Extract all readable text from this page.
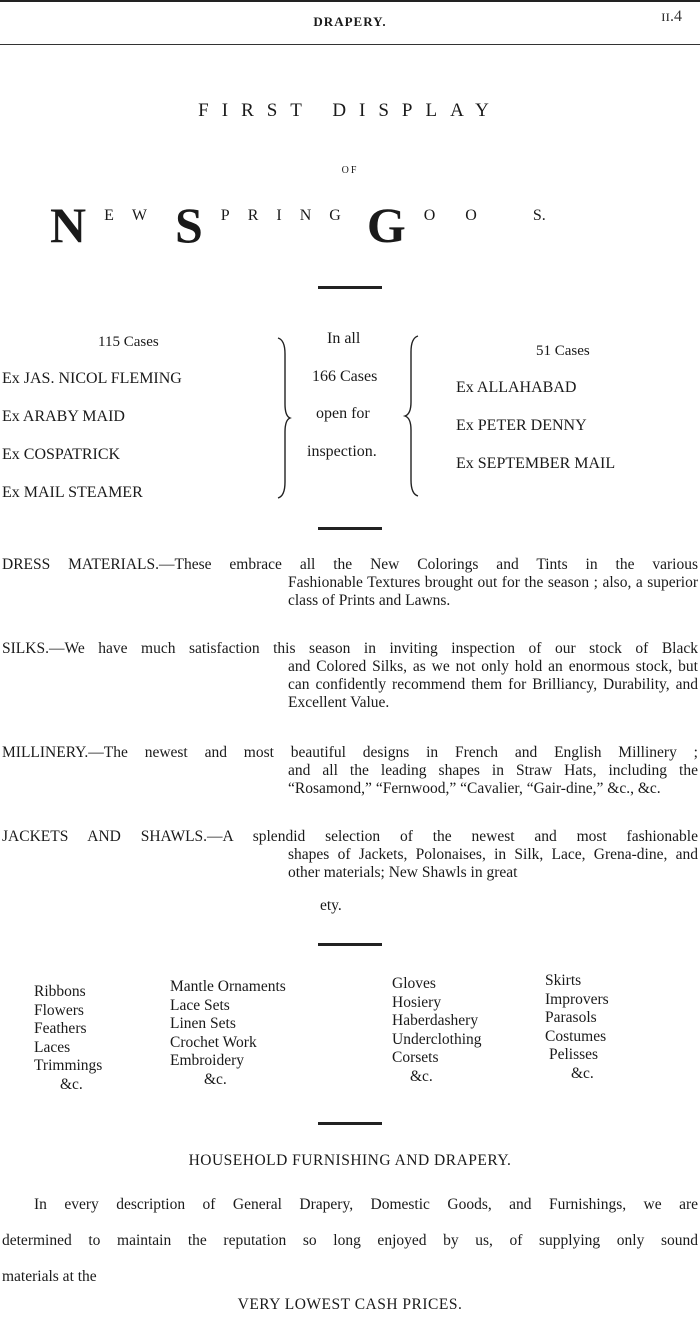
DRAPERY.	ɪɪ.4
FIRST DISPLAY
OF
N EW S PRING G OO S.
115 Cases
Ex JAS. NICOL FLEMING
Ex ARABY MAID
Ex COSPATRICK
Ex MAIL STEAMER
In all
166 Cases
open for
inspection.
51 Cases
Ex ALLAHABAD
Ex PETER DENNY
Ex SEPTEMBER MAIL
DRESS MATERIALS.—These embrace all the New Colorings and Tints in the various
Fashionable Textures brought out for the season ; also, a superior class of Prints and Lawns.
SILKS.—We have much satisfaction this season in inviting inspection of our stock of Black
and Colored Silks, as we not only hold an enormous stock, but can confidently recommend them for Brilliancy, Durability, and Excellent Value.
MILLINERY.—The newest and most beautiful designs in French and English Millinery ;
and all the leading shapes in Straw Hats, including the “Rosamond,” “Fernwood,” “Cavalier, “Gair-dine,” &c., &c.
JACKETS AND SHAWLS.—A splendid selection of the newest and most fashionable
shapes of Jackets, Polonaises, in Silk, Lace, Grena-dine, and other materials; New Shawls in great
ety.
Ribbons
Flowers
Feathers
Laces
Trimmings
&c.
Mantle Ornaments
Lace Sets
Linen Sets
Crochet Work
Embroidery
&c.
Gloves
Hosiery
Haberdashery
Underclothing
Corsets
&c.
Skirts
Improvers
Parasols
Costumes
Pelisses
&c.
HOUSEHOLD FURNISHING AND DRAPERY.
In every description of General Drapery, Domestic Goods, and Furnishings, we are
determined to maintain the reputation so long enjoyed by us, of supplying only sound
materials at the
VERY LOWEST CASH PRICES.
